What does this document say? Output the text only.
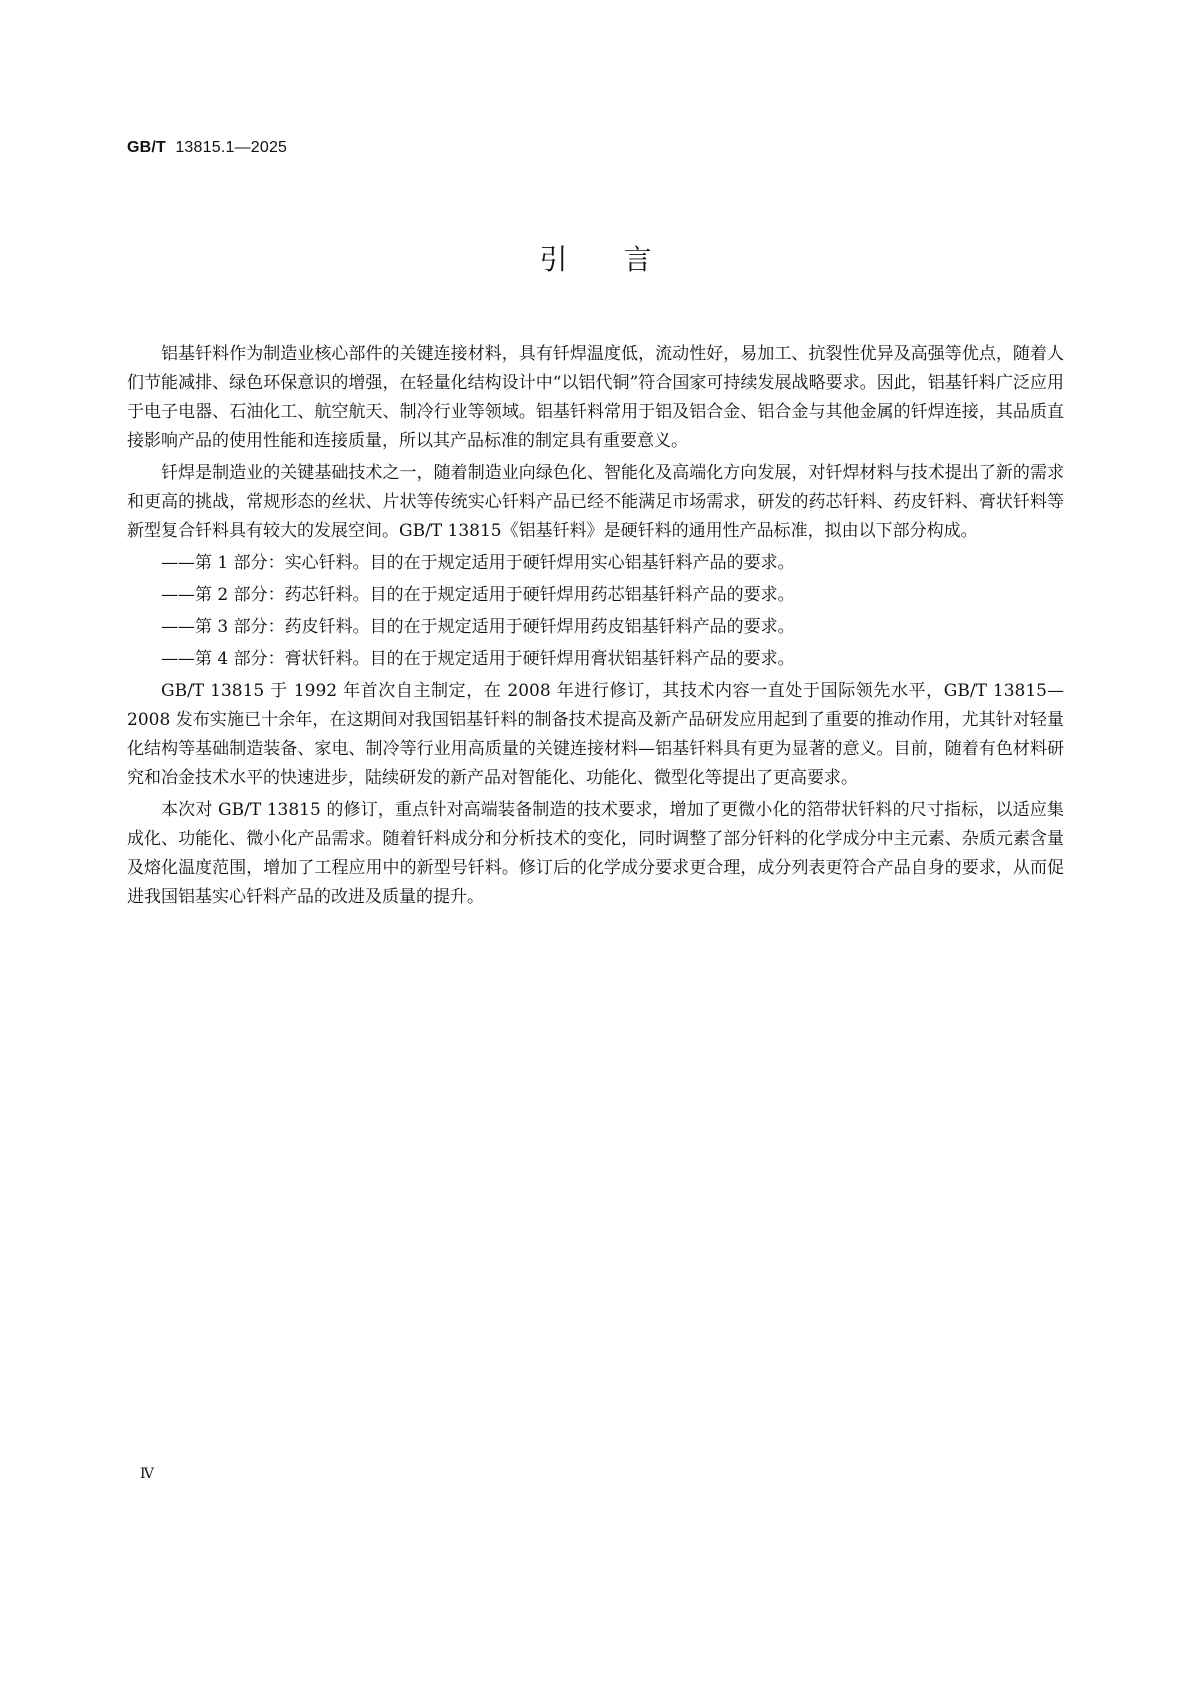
GB/T 13815.1—2025
引言

铝基钎料作为制造业核心部件的关键连接材料，具有钎焊温度低，流动性好，易加工、抗裂性优异及高强等优点，随着人们节能减排、绿色环保意识的增强，在轻量化结构设计中“以铝代铜”符合国家可持续发展战略要求。因此，铝基钎料广泛应用于电子电器、石油化工、航空航天、制冷行业等领域。铝基钎料常用于铝及铝合金、铝合金与其他金属的钎焊连接，其品质直接影响产品的使用性能和连接质量，所以其产品标准的制定具有重要意义。

钎焊是制造业的关键基础技术之一，随着制造业向绿色化、智能化及高端化方向发展，对钎焊材料与技术提出了新的需求和更高的挑战，常规形态的丝状、片状等传统实心钎料产品已经不能满足市场需求，研发的药芯钎料、药皮钎料、膏状钎料等新型复合钎料具有较大的发展空间。GB/T 13815《铝基钎料》是硬钎料的通用性产品标准，拟由以下部分构成。

——第 1 部分：实心钎料。目的在于规定适用于硬钎焊用实心铝基钎料产品的要求。

——第 2 部分：药芯钎料。目的在于规定适用于硬钎焊用药芯铝基钎料产品的要求。

——第 3 部分：药皮钎料。目的在于规定适用于硬钎焊用药皮铝基钎料产品的要求。

——第 4 部分：膏状钎料。目的在于规定适用于硬钎焊用膏状铝基钎料产品的要求。

GB/T 13815 于 1992 年首次自主制定，在 2008 年进行修订，其技术内容一直处于国际领先水平，GB/T 13815—2008 发布实施已十余年，在这期间对我国铝基钎料的制备技术提高及新产品研发应用起到了重要的推动作用，尤其针对轻量化结构等基础制造装备、家电、制冷等行业用高质量的关键连接材料—铝基钎料具有更为显著的意义。目前，随着有色材料研究和冶金技术水平的快速进步，陆续研发的新产品对智能化、功能化、微型化等提出了更高要求。

本次对 GB/T 13815 的修订，重点针对高端装备制造的技术要求，增加了更微小化的箔带状钎料的尺寸指标，以适应集成化、功能化、微小化产品需求。随着钎料成分和分析技术的变化，同时调整了部分钎料的化学成分中主元素、杂质元素含量及熔化温度范围，增加了工程应用中的新型号钎料。修订后的化学成分要求更合理，成分列表更符合产品自身的要求，从而促进我国铝基实心钎料产品的改进及质量的提升。

Ⅳ
